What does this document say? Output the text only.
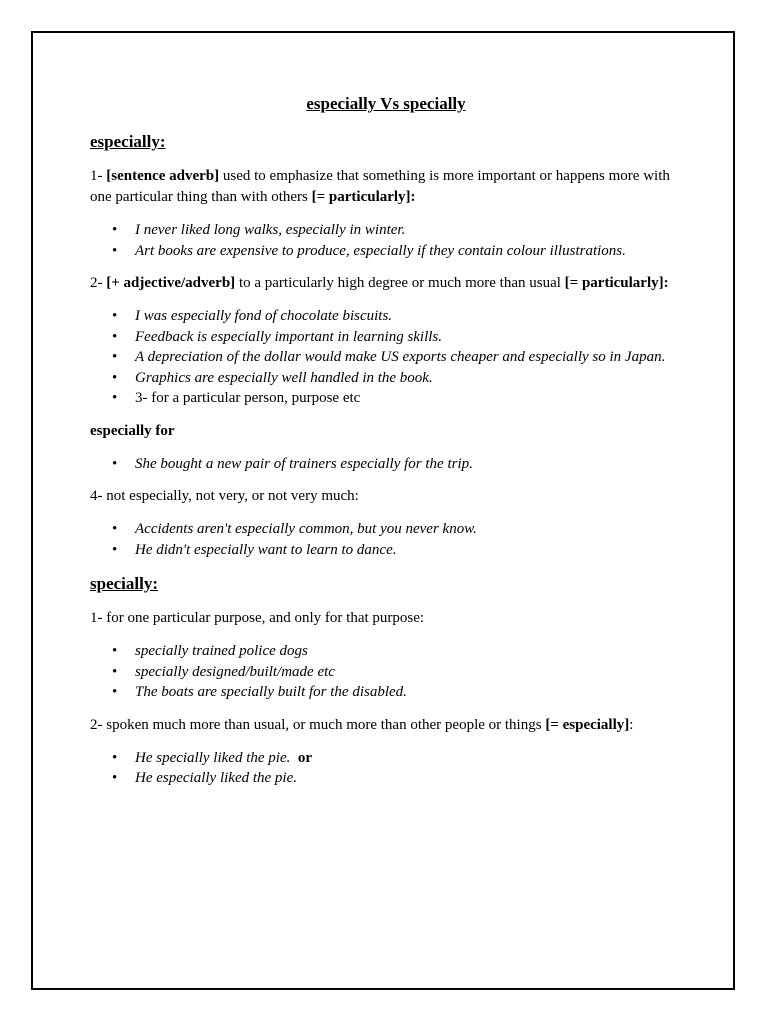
especially Vs specially
especially:

1- [sentence adverb] used to emphasize that something is more important or happens more with one particular thing than with others [= particularly]:

• I never liked long walks, especially in winter.
• Art books are expensive to produce, especially if they contain colour illustrations.

2- [+ adjective/adverb] to a particularly high degree or much more than usual [= particularly]:

• I was especially fond of chocolate biscuits.
• Feedback is especially important in learning skills.
• A depreciation of the dollar would make US exports cheaper and especially so in Japan.
• Graphics are especially well handled in the book.
• 3- for a particular person, purpose etc
especially for
• She bought a new pair of trainers especially for the trip.

4- not especially, not very, or not very much:

• Accidents aren't especially common, but you never know.
• He didn't especially want to learn to dance.
specially:

1- for one particular purpose, and only for that purpose:

• specially trained police dogs
• specially designed/built/made etc
• The boats are specially built for the disabled.

2- spoken much more than usual, or much more than other people or things [= especially]:

• He specially liked the pie. or
• He especially liked the pie.
